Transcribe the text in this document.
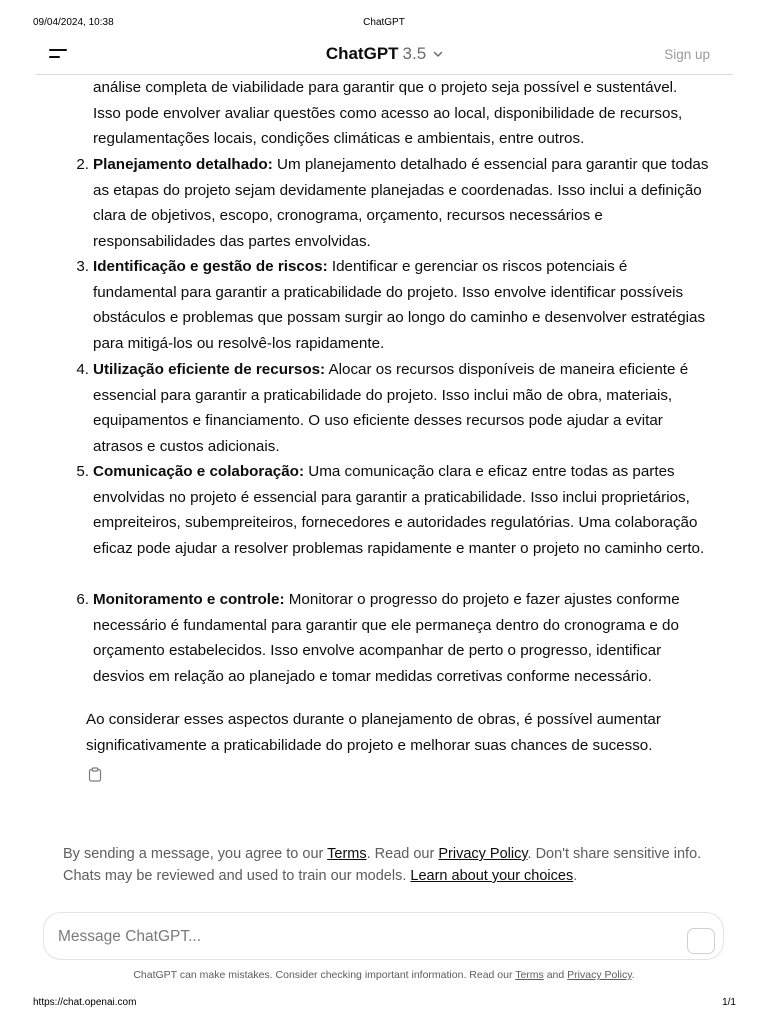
09/04/2024, 10:38	ChatGPT
ChatGPT 3.5	Sign up
análise completa de viabilidade para garantir que o projeto seja possível e sustentável.
Isso pode envolver avaliar questões como acesso ao local, disponibilidade de recursos,
regulamentações locais, condições climáticas e ambientais, entre outros.
2. Planejamento detalhado: Um planejamento detalhado é essencial para garantir que todas as etapas do projeto sejam devidamente planejadas e coordenadas. Isso inclui a definição clara de objetivos, escopo, cronograma, orçamento, recursos necessários e responsabilidades das partes envolvidas.
3. Identificação e gestão de riscos: Identificar e gerenciar os riscos potenciais é fundamental para garantir a praticabilidade do projeto. Isso envolve identificar possíveis obstáculos e problemas que possam surgir ao longo do caminho e desenvolver estratégias para mitigá-los ou resolvê-los rapidamente.
4. Utilização eficiente de recursos: Alocar os recursos disponíveis de maneira eficiente é essencial para garantir a praticabilidade do projeto. Isso inclui mão de obra, materiais, equipamentos e financiamento. O uso eficiente desses recursos pode ajudar a evitar atrasos e custos adicionais.
5. Comunicação e colaboração: Uma comunicação clara e eficaz entre todas as partes envolvidas no projeto é essencial para garantir a praticabilidade. Isso inclui proprietários, empreiteiros, subempreiteiros, fornecedores e autoridades regulatórias. Uma colaboração eficaz pode ajudar a resolver problemas rapidamente e manter o projeto no caminho certo.
6. Monitoramento e controle: Monitorar o progresso do projeto e fazer ajustes conforme necessário é fundamental para garantir que ele permaneça dentro do cronograma e do orçamento estabelecidos. Isso envolve acompanhar de perto o progresso, identificar desvios em relação ao planejado e tomar medidas corretivas conforme necessário.
Ao considerar esses aspectos durante o planejamento de obras, é possível aumentar significativamente a praticabilidade do projeto e melhorar suas chances de sucesso.
By sending a message, you agree to our Terms. Read our Privacy Policy. Don't share sensitive info. Chats may be reviewed and used to train our models. Learn about your choices.
Message ChatGPT...
ChatGPT can make mistakes. Consider checking important information. Read our Terms and Privacy Policy.
https://chat.openai.com	1/1
